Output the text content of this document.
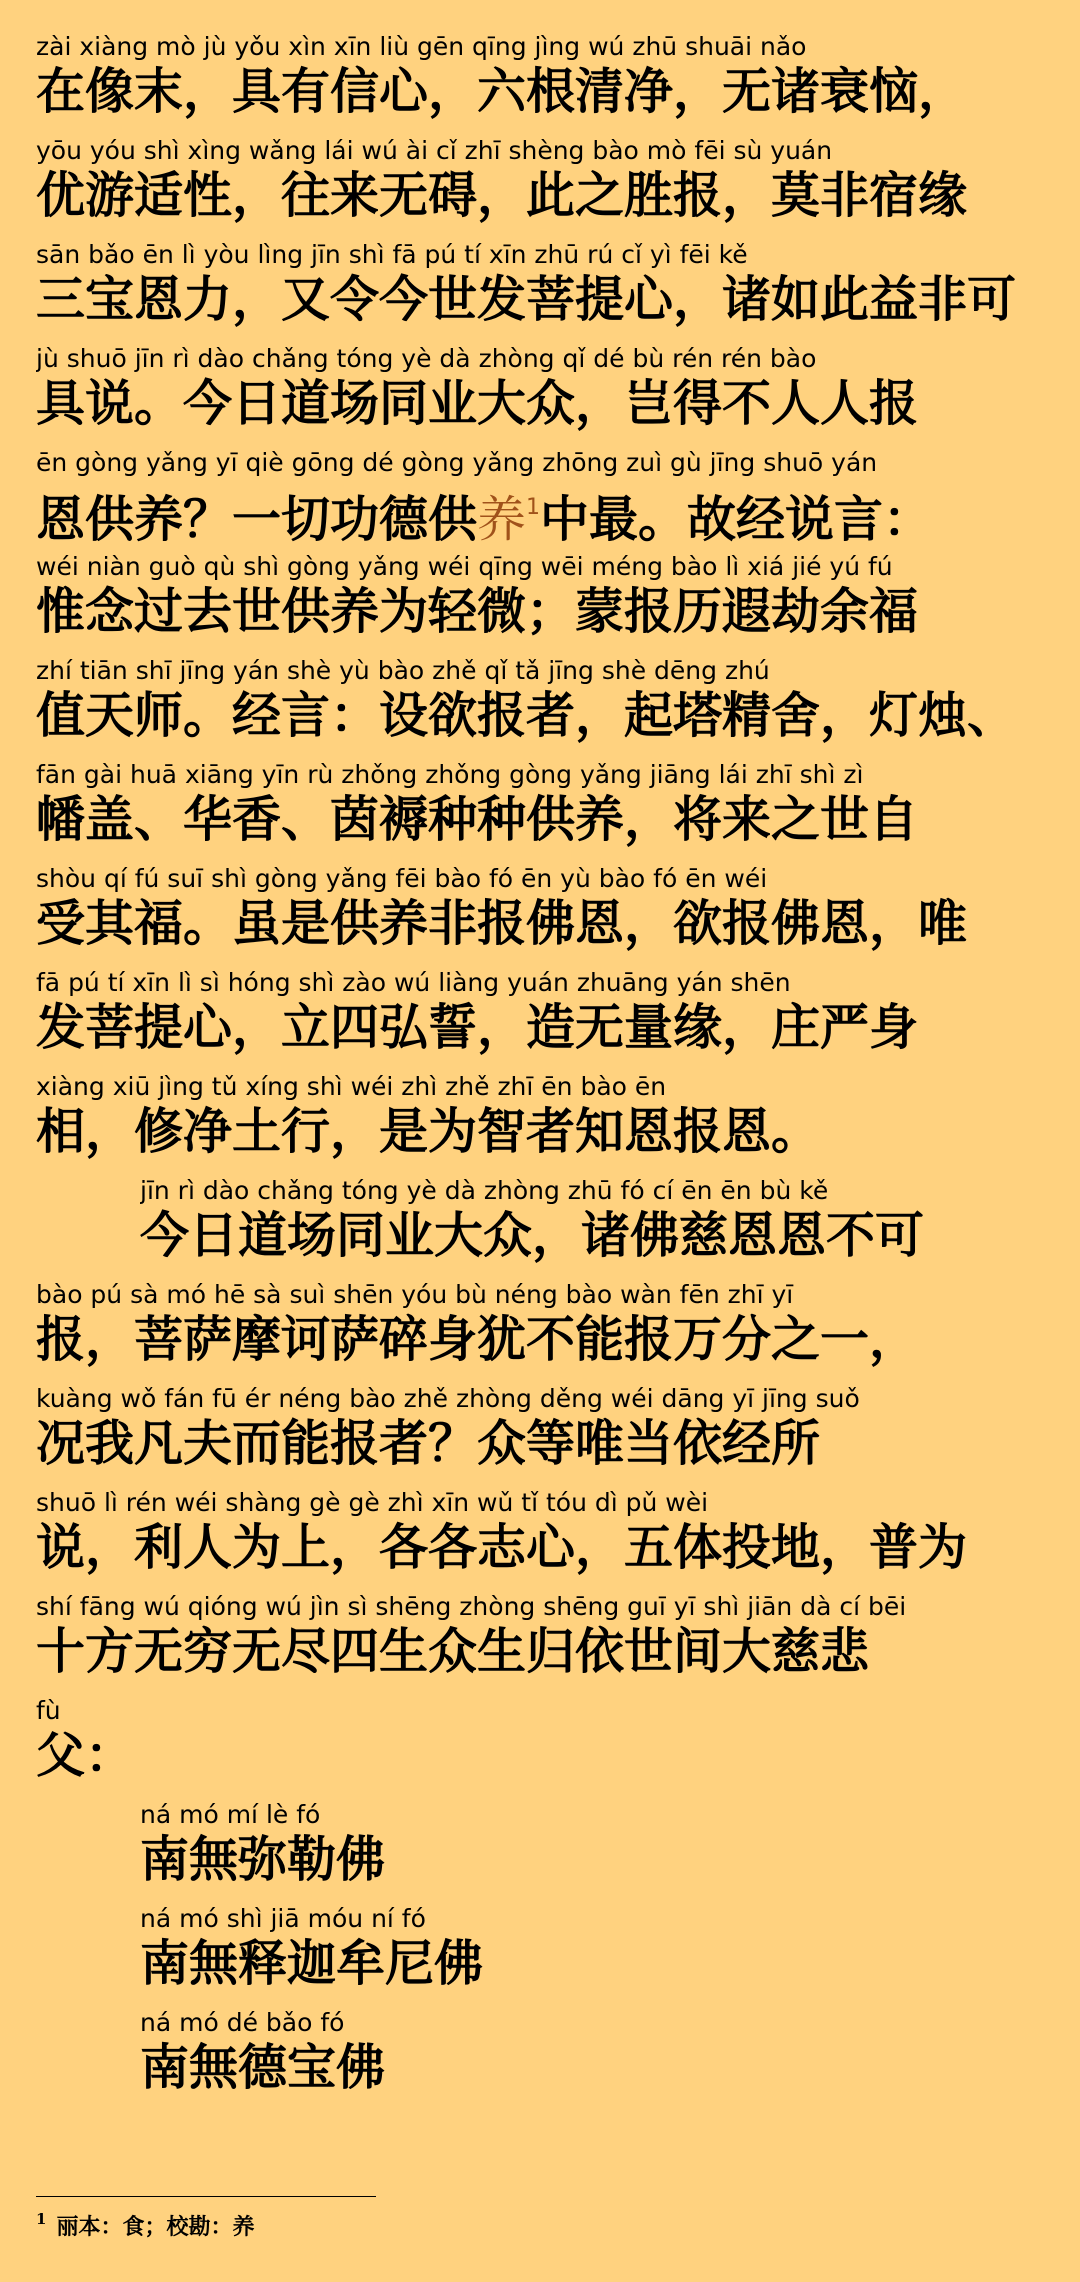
zài xiàng mò jù yǒu xìn xīn liù gēn qīng jìng wú zhū shuāi nǎo
在像末，具有信心，六根清净，无诸衰恼，
yōu yóu shì xìng wǎng lái wú ài cǐ zhī shèng bào mò fēi sù yuán
优游适性，往来无碍，此之胜报，莫非宿缘
sān bǎo ēn lì yòu lìng jīn shì fā pú tí xīn zhū rú cǐ yì fēi kě
三宝恩力，又令今世发菩提心，诸如此益非可
jù shuō jīn rì dào chǎng tóng yè dà zhòng qǐ dé bù rén rén bào
具说。今日道场同业大众，岂得不人人报
ēn gòng yǎng yī qiè gōng dé gòng yǎng zhōng zuì gù jīng shuō yán
恩供养？一切功德供养$^1$中最。故经说言：
wéi niàn guò qù shì gòng yǎng wéi qīng wēi méng bào lì xiá jié yú fú
惟念过去世供养为轻微；蒙报历遐劫余福
zhí tiān shī jīng yán shè yù bào zhě qǐ tǎ jīng shè dēng zhú
值天师。经言：设欲报者，起塔精舍，灯烛、
fān gài huā xiāng yīn rù zhǒng zhǒng gòng yǎng jiāng lái zhī shì zì
幡盖、华香、茵褥种种供养，将来之世自
shòu qí fú suī shì gòng yǎng fēi bào fó ēn yù bào fó ēn wéi
受其福。虽是供养非报佛恩，欲报佛恩，唯
fā pú tí xīn lì sì hóng shì zào wú liàng yuán zhuāng yán shēn
发菩提心，立四弘誓，造无量缘，庄严身
xiàng xiū jìng tǔ xíng shì wéi zhì zhě zhī ēn bào ēn
相，修净土行，是为智者知恩报恩。
jīn rì dào chǎng tóng yè dà zhòng zhū fó cí ēn ēn bù kě
今日道场同业大众，诸佛慈恩恩不可
bào pú sà mó hē sà suì shēn yóu bù néng bào wàn fēn zhī yī
报，菩萨摩诃萨碎身犹不能报万分之一，
kuàng wǒ fán fū ér néng bào zhě zhòng děng wéi dāng yī jīng suǒ
况我凡夫而能报者？众等唯当依经所
shuō lì rén wéi shàng gè gè zhì xīn wǔ tǐ tóu dì pǔ wèi
说，利人为上，各各志心，五体投地，普为
shí fāng wú qióng wú jìn sì shēng zhòng shēng guī yī shì jiān dà cí bēi
十方无穷无尽四生众生归依世间大慈悲
fù
父：
ná mó mí lè fó
南無弥勒佛
ná mó shì jiā móu ní fó
南無释迦牟尼佛
ná mó dé bǎo fó
南無德宝佛
$^1$ 丽本：食；校勘：养
